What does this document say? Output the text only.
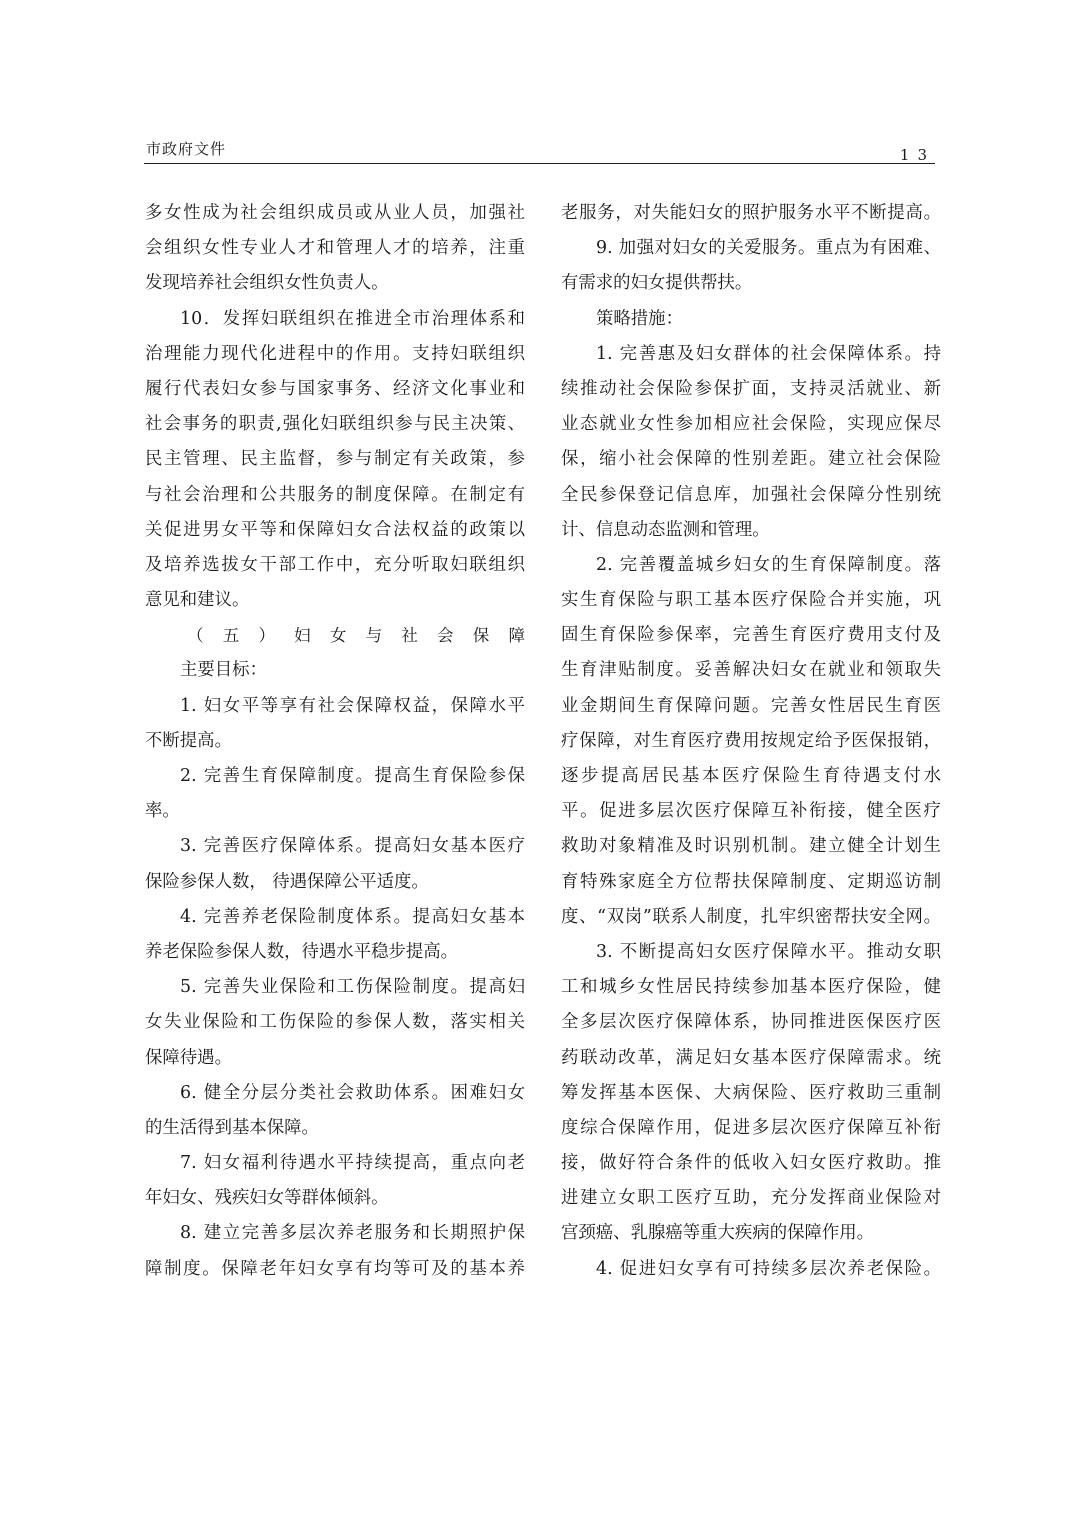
市政府文件	13
多女性成为社会组织成员或从业人员，加强社
会组织女性专业人才和管理人才的培养，注重
发现培养社会组织女性负责人。
10．发挥妇联组织在推进全市治理体系和
治理能力现代化进程中的作用。支持妇联组织
履行代表妇女参与国家事务、经济文化事业和
社会事务的职责,强化妇联组织参与民主决策、
民主管理、民主监督，参与制定有关政策，参
与社会治理和公共服务的制度保障。在制定有
关促进男女平等和保障妇女合法权益的政策以
及培养选拔女干部工作中，充分听取妇联组织
意见和建议。
（五）妇女与社会保障
主要目标：
1. 妇女平等享有社会保障权益，保障水平
不断提高。
2. 完善生育保障制度。提高生育保险参保
率。
3. 完善医疗保障体系。提高妇女基本医疗
保险参保人数， 待遇保障公平适度。
4. 完善养老保险制度体系。提高妇女基本
养老保险参保人数，待遇水平稳步提高。
5. 完善失业保险和工伤保险制度。提高妇
女失业保险和工伤保险的参保人数，落实相关
保障待遇。
6. 健全分层分类社会救助体系。困难妇女
的生活得到基本保障。
7. 妇女福利待遇水平持续提高，重点向老
年妇女、残疾妇女等群体倾斜。
8. 建立完善多层次养老服务和长期照护保
障制度。保障老年妇女享有均等可及的基本养
老服务，对失能妇女的照护服务水平不断提高。
9. 加强对妇女的关爱服务。重点为有困难、
有需求的妇女提供帮扶。
策略措施：
1. 完善惠及妇女群体的社会保障体系。持
续推动社会保险参保扩面，支持灵活就业、新
业态就业女性参加相应社会保险，实现应保尽
保，缩小社会保障的性别差距。建立社会保险
全民参保登记信息库，加强社会保障分性别统
计、信息动态监测和管理。
2. 完善覆盖城乡妇女的生育保障制度。落
实生育保险与职工基本医疗保险合并实施，巩
固生育保险参保率，完善生育医疗费用支付及
生育津贴制度。妥善解决妇女在就业和领取失
业金期间生育保障问题。完善女性居民生育医
疗保障，对生育医疗费用按规定给予医保报销，
逐步提高居民基本医疗保险生育待遇支付水
平。促进多层次医疗保障互补衔接，健全医疗
救助对象精准及时识别机制。建立健全计划生
育特殊家庭全方位帮扶保障制度、定期巡访制
度、“双岗”联系人制度，扎牢织密帮扶安全网。
3. 不断提高妇女医疗保障水平。推动女职
工和城乡女性居民持续参加基本医疗保险，健
全多层次医疗保障体系，协同推进医保医疗医
药联动改革，满足妇女基本医疗保障需求。统
筹发挥基本医保、大病保险、医疗救助三重制
度综合保障作用，促进多层次医疗保障互补衔
接，做好符合条件的低收入妇女医疗救助。推
进建立女职工医疗互助，充分发挥商业保险对
宫颈癌、乳腺癌等重大疾病的保障作用。
4. 促进妇女享有可持续多层次养老保险。
